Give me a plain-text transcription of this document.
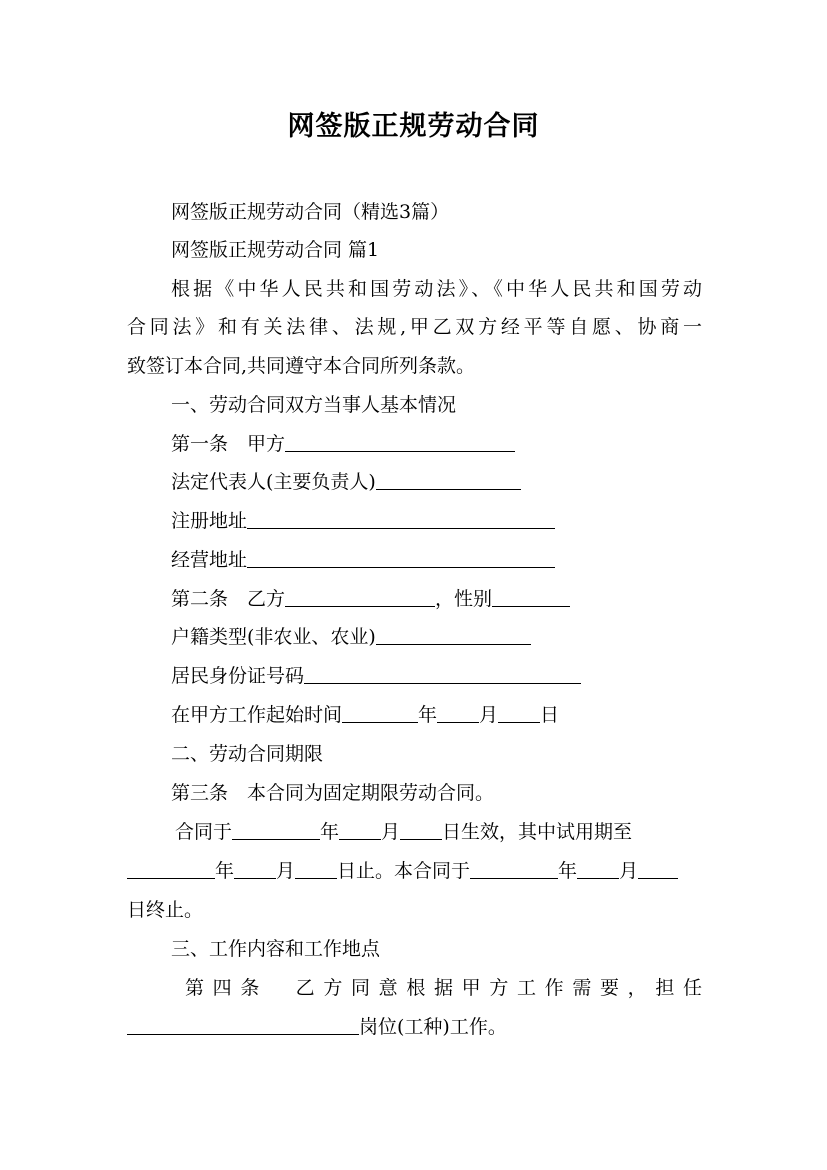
网签版正规劳动合同
网签版正规劳动合同（精选3篇）
网签版正规劳动合同 篇1
根据《中华人民共和国劳动法》、《中华人民共和国劳动
合同法》和有关法律、法规,甲乙双方经平等自愿、协商一
致签订本合同,共同遵守本合同所列条款。
一、劳动合同双方当事人基本情况
第一条　甲方
法定代表人(主要负责人)
注册地址
经营地址
第二条　乙方	，性别
户籍类型(非农业、农业)
居民身份证号码
在甲方工作起始时间	年 月 日
二、劳动合同期限
第三条　本合同为固定期限劳动合同。
合同于	年 月 日生效，其中试用期至
年 月 日止。本合同于	年 月
日终止。
三、工作内容和工作地点
第四条　乙方同意根据甲方工作需要，担任
岗位(工种)工作。
